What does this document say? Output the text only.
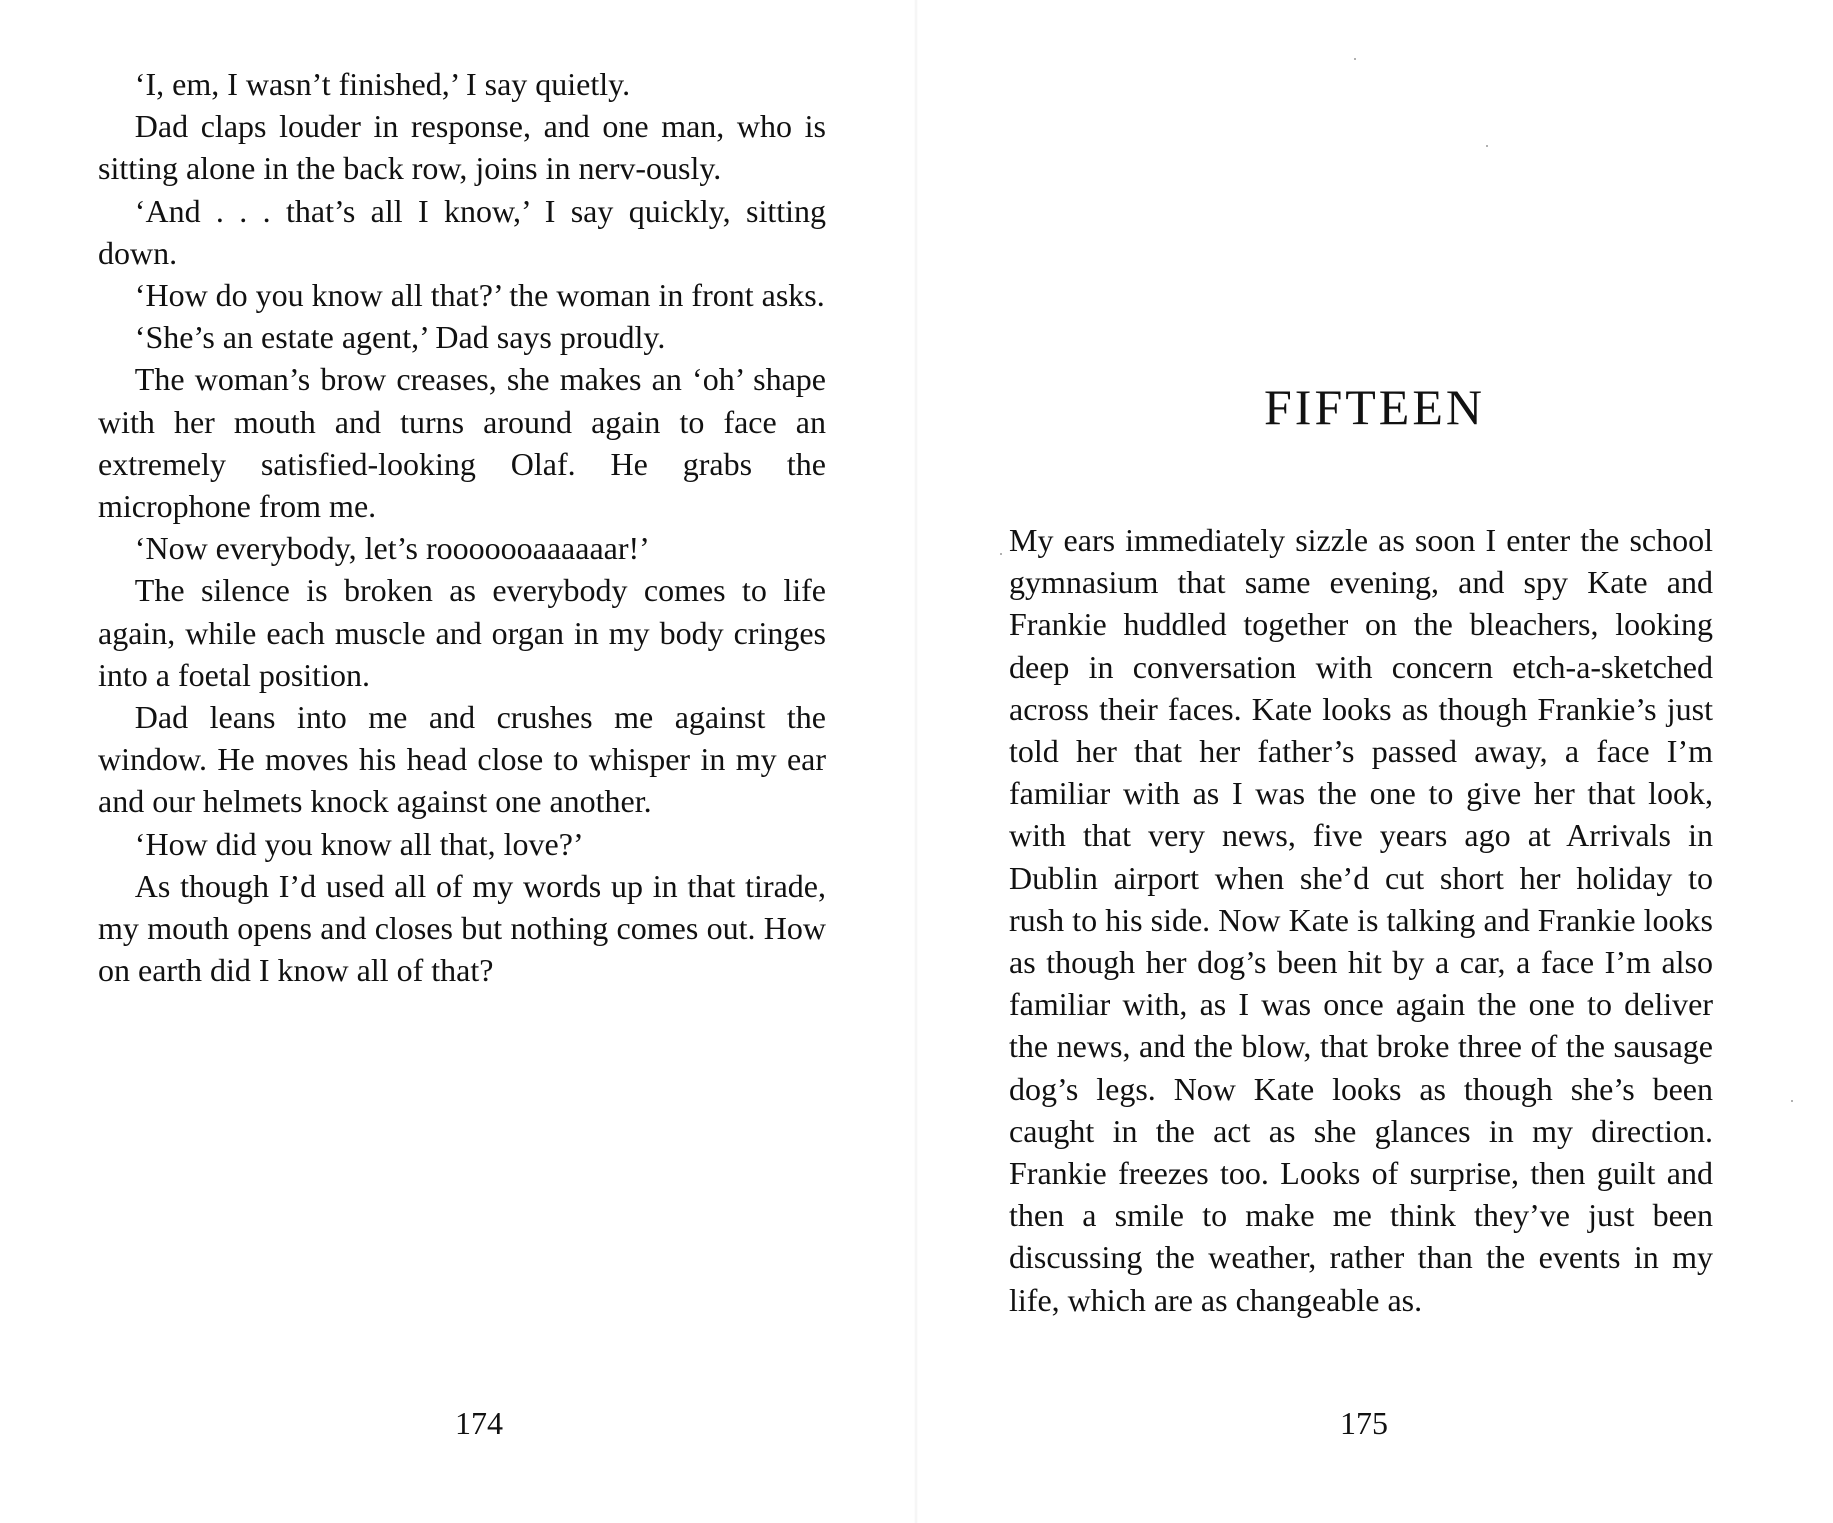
‘I, em, I wasn’t finished,’ I say quietly.

Dad claps louder in response, and one man, who is sitting alone in the back row, joins in nerv-ously.

‘And . . . that’s all I know,’ I say quickly, sitting down.

‘How do you know all that?’ the woman in front asks.

‘She’s an estate agent,’ Dad says proudly.

The woman’s brow creases, she makes an ‘oh’ shape with her mouth and turns around again to face an extremely satisfied-looking Olaf. He grabs the microphone from me.

‘Now everybody, let’s rooooooaaaaaar!’

The silence is broken as everybody comes to life again, while each muscle and organ in my body cringes into a foetal position.

Dad leans into me and crushes me against the window. He moves his head close to whisper in my ear and our helmets knock against one another.

‘How did you know all that, love?’

As though I’d used all of my words up in that tirade, my mouth opens and closes but nothing comes out. How on earth did I know all of that?

174
FIFTEEN

My ears immediately sizzle as soon I enter the school gymnasium that same evening, and spy Kate and Frankie huddled together on the bleachers, looking deep in conversation with concern etch-a-sketched across their faces. Kate looks as though Frankie’s just told her that her father’s passed away, a face I’m familiar with as I was the one to give her that look, with that very news, five years ago at Arrivals in Dublin airport when she’d cut short her holiday to rush to his side. Now Kate is talking and Frankie looks as though her dog’s been hit by a car, a face I’m also familiar with, as I was once again the one to deliver the news, and the blow, that broke three of the sausage dog’s legs. Now Kate looks as though she’s been caught in the act as she glances in my direction. Frankie freezes too. Looks of surprise, then guilt and then a smile to make me think they’ve just been discussing the weather, rather than the events in my life, which are as changeable as.

175
